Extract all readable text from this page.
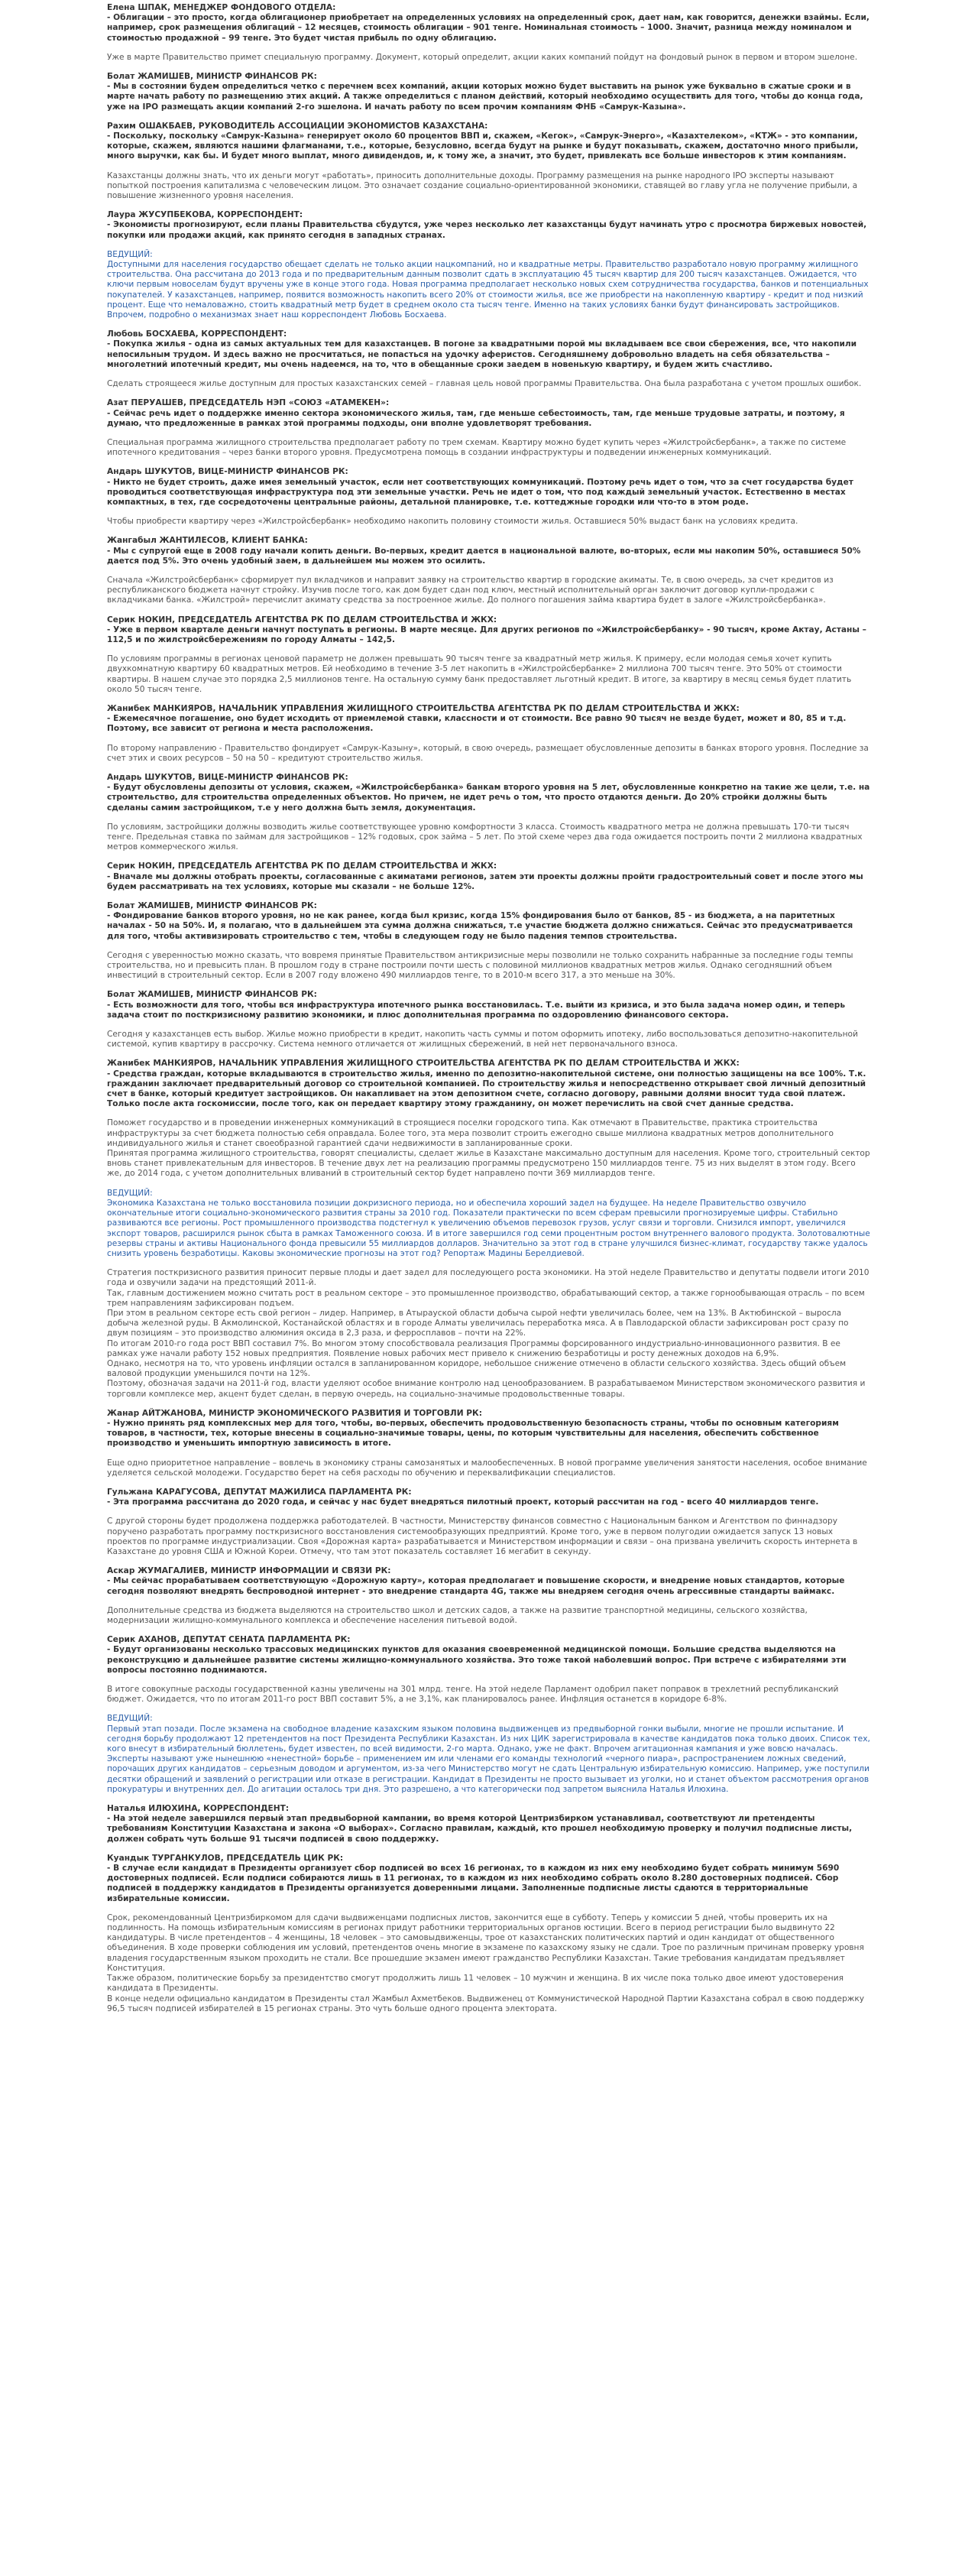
Елена ШПАК, МЕНЕДЖЕР ФОНДОВОГО ОТДЕЛА:

- Облигации – это просто, когда облигационер приобретает на определенных условиях на определенный срок, дает нам, как говорится, денежки взаймы. Если, например, срок размещения облигаций – 12 месяцев, стоимость облигации – 901 тенге. Номинальная стоимость – 1000. Значит, разница между номиналом и стоимостью продажной – 99 тенге. Это будет чистая прибыль по одну облигацию.

Уже в марте Правительство примет специальную программу. Документ, который определит, акции каких компаний пойдут на фондовый рынок в первом и втором эшелоне.

Болат ЖАМИШЕВ, МИНИСТР ФИНАНСОВ РК:

- Мы в состоянии будем определиться четко с перечнем всех компаний, акции которых можно будет выставить на рынок уже буквально в сжатые сроки и в марте начать работу по размещению этих акций. А также определиться с планом действий, который необходимо осуществить для того, чтобы до конца года, уже на IPO размещать акции компаний 2-го эшелона. И начать работу по всем прочим компаниям ФНБ «Самрук-Казына».

Рахим ОШАКБАЕВ, РУКОВОДИТЕЛЬ АССОЦИАЦИИ ЭКОНОМИСТОВ КАЗАХСТАНА:

- Поскольку, поскольку «Самрук-Казына» генерирует около 60 процентов ВВП и, скажем, «Кегок», «Самрук-Энерго», «Казахтелеком», «КТЖ» - это компании, которые, скажем, являются нашими флагманами, т.е., которые, безусловно, всегда будут на рынке и будут показывать, скажем, достаточно много прибыли, много выручки, как бы. И будет много выплат, много дивидендов, и, к тому же, а значит, это будет, привлекать все больше инвесторов к этим компаниям.

Казахстанцы должны знать, что их деньги могут «работать», приносить дополнительные доходы. Программу размещения на рынке народного IPO эксперты называют попыткой построения капитализма с человеческим лицом. Это означает создание социально-ориентированной экономики, ставящей во главу угла не получение прибыли, а повышение жизненного уровня населения.

Лаура ЖУСУПБЕКОВА, КОРРЕСПОНДЕНТ:

- Экономисты прогнозируют, если планы Правительства сбудутся, уже через несколько лет казахстанцы будут начинать утро с просмотра биржевых новостей, покупки или продажи акций, как принято сегодня в западных странах.

ВЕДУЩИЙ:

Доступными для населения государство обещает сделать не только акции нацкомпаний, но и квадратные метры. Правительство разработало новую программу жилищного строительства. Она рассчитана до 2013 года и по предварительным данным позволит сдать в эксплуатацию 45 тысяч квартир для 200 тысяч казахстанцев. Ожидается, что ключи первым новоселам будут вручены уже в конце этого года. Новая программа предполагает несколько новых схем сотрудничества государства, банков и потенциальных покупателей. У казахстанцев, например, появится возможность накопить всего 20% от стоимости жилья, все же приобрести на накопленную квартиру - кредит и под низкий процент. Еще что немаловажно, стоить квадратный метр будет в среднем около ста тысяч тенге. Именно на таких условиях банки будут финансировать застройщиков. Впрочем, подробно о механизмах знает наш корреспондент Любовь Босхаева.

Любовь БОСХАЕВА, КОРРЕСПОНДЕНТ:

- Покупка жилья - одна из самых актуальных тем для казахстанцев. В погоне за квадратными порой мы вкладываем все свои сбережения, все, что накопили непосильным трудом. И здесь важно не просчитаться, не попасться на удочку аферистов. Сегодняшнему добровольно владеть на себя обязательства – многолетний ипотечный кредит, мы очень надеемся, на то, что в обещанные сроки заедем в новенькую квартиру, и будем жить счастливо.

Сделать строящееся жилье доступным для простых казахстанских семей – главная цель новой программы Правительства. Она была разработана с учетом прошлых ошибок.

Азат ПЕРУАШЕВ, ПРЕДСЕДАТЕЛЬ НЭП «СОЮЗ «АТАМЕКЕН»:

- Сейчас речь идет о поддержке именно сектора экономического жилья, там, где меньше себестоимость, там, где меньше трудовые затраты, и поэтому, я думаю, что предложенные в рамках этой программы подходы, они вполне удовлетворят требования.

Специальная программа жилищного строительства предполагает работу по трем схемам. Квартиру можно будет купить через «Жилстройсбербанк», а также по системе ипотечного кредитования – через банки второго уровня. Предусмотрена помощь в создании инфраструктуры и подведении инженерных коммуникаций.

Андарь ШУКУТОВ, ВИЦЕ-МИНИСТР ФИНАНСОВ РК:

- Никто не будет строить, даже имея земельный участок, если нет соответствующих коммуникаций. Поэтому речь идет о том, что за счет государства будет проводиться соответствующая инфраструктура под эти земельные участки. Речь не идет о том, что под каждый земельный участок. Естественно в местах компактных, в тех, где сосредоточены центральные районы, детальной планировке, т.е. коттеджные городки или что-то в этом роде.

Чтобы приобрести квартиру через «Жилстройсбербанк» необходимо накопить половину стоимости жилья. Оставшиеся 50% выдаст банк на условиях кредита.

Жангабыл ЖАНТИЛЕСОВ, КЛИЕНТ БАНКА:

- Мы с супругой еще в 2008 году начали копить деньги. Во-первых, кредит дается в национальной валюте, во-вторых, если мы накопим 50%, оставшиеся 50% дается под 5%. Это очень удобный заем, в дальнейшем мы можем это осилить.

Сначала «Жилстройсбербанк» сформирует пул вкладчиков и направит заявку на строительство квартир в городские акиматы. Те, в свою очередь, за счет кредитов из республиканского бюджета начнут стройку. Изучив после того, как дом будет сдан под ключ, местный исполнительный орган заключит договор купли-продажи с вкладчиками банка. «Жилстрой» перечислит акимату средства за построенное жилье. До полного погашения займа квартира будет в залоге «Жилстройсбербанка».

Серик НОКИН, ПРЕДСЕДАТЕЛЬ АГЕНТСТВА РК ПО ДЕЛАМ СТРОИТЕЛЬСТВА И ЖКХ:

- Уже в первом квартале деньги начнут поступать в регионы. В марте месяце. Для других регионов по «Жилстройсбербанку» - 90 тысяч, кроме Актау, Астаны – 112,5 и по жилстройсбережениям по городу Алматы – 142,5.

По условиям программы в регионах ценовой параметр не должен превышать 90 тысяч тенге за квадратный метр жилья. К примеру, если молодая семья хочет купить двухкомнатную квартиру 60 квадратных метров. Ей необходимо в течение 3-5 лет накопить в «Жилстройсбербанке» 2 миллиона 700 тысяч тенге. Это 50% от стоимости квартиры. В нашем случае это порядка 2,5 миллионов тенге. На остальную сумму банк предоставляет льготный кредит. В итоге, за квартиру в месяц семья будет платить около 50 тысяч тенге.

Жанибек МАНКИЯРОВ, НАЧАЛЬНИК УПРАВЛЕНИЯ ЖИЛИЩНОГО СТРОИТЕЛЬСТВА АГЕНТСТВА РК ПО ДЕЛАМ СТРОИТЕЛЬСТВА И ЖКХ:

- Ежемесячное погашение, оно будет исходить от приемлемой ставки, классности и от стоимости. Все равно 90 тысяч не везде будет, может и 80, 85 и т.д. Поэтому, все зависит от региона и места расположения.

По второму направлению - Правительство фондирует «Самрук-Казыну», который, в свою очередь, размещает обусловленные депозиты в банках второго уровня. Последние за счет этих и своих ресурсов – 50 на 50 – кредитуют строительство жилья.

Андарь ШУКУТОВ, ВИЦЕ-МИНИСТР ФИНАНСОВ РК:

- Будут обусловлены депозиты от условия, скажем, «Жилстройсбербанка» банкам второго уровня на 5 лет, обусловленные конкретно на такие же цели, т.е. на строительство, для строительства определенных объектов. Но причем, не идет речь о том, что просто отдаются деньги. До 20% стройки должны быть сделаны самим застройщиком, т.е у него должна быть земля, документация.

По условиям, застройщики должны возводить жилье соответствующее уровню комфортности 3 класса. Стоимость квадратного метра не должна превышать 170-ти тысяч тенге. Предельная ставка по займам для застройщиков – 12% годовых, срок займа – 5 лет. По этой схеме через два года ожидается построить почти 2 миллиона квадратных метров коммерческого жилья.

Серик НОКИН, ПРЕДСЕДАТЕЛЬ АГЕНТСТВА РК ПО ДЕЛАМ СТРОИТЕЛЬСТВА И ЖКХ:

- Вначале мы должны отобрать проекты, согласованные с акиматами регионов, затем эти проекты должны пройти градостроительный совет и после этого мы будем рассматривать на тех условиях, которые мы сказали – не больше 12%.

Болат ЖАМИШЕВ, МИНИСТР ФИНАНСОВ РК:

- Фондирование банков второго уровня, но не как ранее, когда был кризис, когда 15% фондирования было от банков, 85 - из бюджета, а на паритетных началах - 50 на 50%. И, я полагаю, что в дальнейшем эта сумма должна снижаться, т.е участие бюджета должно снижаться. Сейчас это предусматривается для того, чтобы активизировать строительство с тем, чтобы в следующем году не было падения темпов строительства.

Сегодня с уверенностью можно сказать, что вовремя принятые Правительством антикризисные меры позволили не только сохранить набранные за последние годы темпы строительства, но и превысить план. В прошлом году в стране построили почти шесть с половиной миллионов квадратных метров жилья. Однако сегодняшний объем инвестиций в строительный сектор. Если в 2007 году вложено 490 миллиардов тенге, то в 2010-м всего 317, а это меньше на 30%.

Болат ЖАМИШЕВ, МИНИСТР ФИНАНСОВ РК:

- Есть возможности для того, чтобы вся инфраструктура ипотечного рынка восстановилась. Т.е. выйти из кризиса, и это была задача номер один, и теперь задача стоит по посткризисному развитию экономики, и плюс дополнительная программа по оздоровлению финансового сектора.

Сегодня у казахстанцев есть выбор. Жилье можно приобрести в кредит, накопить часть суммы и потом оформить ипотеку, либо воспользоваться депозитно-накопительной системой, купив квартиру в рассрочку. Система немного отличается от жилищных сбережений, в ней нет первоначального взноса.

Жанибек МАНКИЯРОВ, НАЧАЛЬНИК УПРАВЛЕНИЯ ЖИЛИЩНОГО СТРОИТЕЛЬСТВА АГЕНТСТВА РК ПО ДЕЛАМ СТРОИТЕЛЬСТВА И ЖКХ:

- Средства граждан, которые вкладываются в строительство жилья, именно по депозитно-накопительной системе, они полностью защищены на все 100%. Т.к. гражданин заключает предварительный договор со строительной компанией. По строительству жилья и непосредственно открывает свой личный депозитный счет в банке, который кредитует застройщиков. Он накапливает на этом депозитном счете, согласно договору, равными долями вносит туда свой платеж. Только после акта госкомиссии, после того, как он передает квартиру этому гражданину, он может перечислить на свой счет данные средства.

Поможет государство и в проведении инженерных коммуникаций в строящиеся поселки городского типа. Как отмечают в Правительстве, практика строительства инфраструктуры за счет бюджета полностью себя оправдала. Более того, эта мера позволит строить ежегодно свыше миллиона квадратных метров дополнительного индивидуального жилья и станет своеобразной гарантией сдачи недвижимости в запланированные сроки.
Принятая программа жилищного строительства, говорят специалисты, сделает жилье в Казахстане максимально доступным для населения. Кроме того, строительный сектор вновь станет привлекательным для инвесторов. В течение двух лет на реализацию программы предусмотрено 150 миллиардов тенге. 75 из них выделят в этом году. Всего же, до 2014 года, с учетом дополнительных вливаний в строительный сектор будет направлено почти 369 миллиардов тенге.

ВЕДУЩИЙ:

Экономика Казахстана не только восстановила позиции докризисного периода, но и обеспечила хороший задел на будущее. На неделе Правительство озвучило окончательные итоги социально-экономического развития страны за 2010 год. Показатели практически по всем сферам превысили прогнозируемые цифры. Стабильно развиваются все регионы. Рост промышленного производства подстегнул к увеличению объемов перевозок грузов, услуг связи и торговли. Снизился импорт, увеличился экспорт товаров, расширился рынок сбыта в рамках Таможенного союза. И в итоге завершился год семи процентным ростом внутреннего валового продукта. Золотовалютные резервы страны и активы Национального фонда превысили 55 миллиардов долларов. Значительно за этот год в стране улучшился бизнес-климат, государству также удалось снизить уровень безработицы. Каковы экономические прогнозы на этот год? Репортаж Мадины Берелдиевой.

Стратегия посткризисного развития приносит первые плоды и дает задел для последующего роста экономики. На этой неделе Правительство и депутаты подвели итоги 2010 года и озвучили задачи на предстоящий 2011-й.
Так, главным достижением можно считать рост в реальном секторе – это промышленное производство, обрабатывающий сектор, а также горнообывающая отрасль – по всем трем направлениям зафиксирован подъем.
При этом в реальном секторе есть свой регион – лидер. Например, в Атырауской области добыча сырой нефти увеличилась более, чем на 13%. В Актюбинской – выросла добыча железной руды. В Акмолинской, Костанайской областях и в городе Алматы увеличилась переработка мяса. А в Павлодарской области зафиксирован рост сразу по двум позициям – это производство алюминия оксида в 2,3 раза, и ферросплавов – почти на 22%.
По итогам 2010-го года рост ВВП составил 7%. Во многом этому способствовала реализация Программы форсированного индустриально-инновационного развития. В ее рамках уже начали работу 152 новых предприятия. Появление новых рабочих мест привело к снижению безработицы и росту денежных доходов на 6,9%.
Однако, несмотря на то, что уровень инфляции остался в запланированном коридоре, небольшое снижение отмечено в области сельского хозяйства. Здесь общий объем валовой продукции уменьшился почти на 12%.
Поэтому, обозначая задачи на 2011-й год, власти уделяют особое внимание контролю над ценообразованием. В разрабатываемом Министерством экономического развития и торговли комплексе мер, акцент будет сделан, в первую очередь, на социально-значимые продовольственные товары.

Жанар АЙТЖАНОВА, МИНИСТР ЭКОНОМИЧЕСКОГО РАЗВИТИЯ И ТОРГОВЛИ РК:

- Нужно принять ряд комплексных мер для того, чтобы, во-первых, обеспечить продовольственную безопасность страны, чтобы по основным категориям товаров, в частности, тех, которые внесены в социально-значимые товары, цены, по которым чувствительны для населения, обеспечить собственное производство и уменьшить импортную зависимость в итоге.

Еще одно приоритетное направление – вовлечь в экономику страны самозанятых и малообеспеченных. В новой программе увеличения занятости населения, особое внимание уделяется сельской молодежи. Государство берет на себя расходы по обучению и переквалификации специалистов.

Гульжана КАРАГУСОВА, ДЕПУТАТ МАЖИЛИСА ПАРЛАМЕНТА РК:

- Эта программа рассчитана до 2020 года, и сейчас у нас будет внедряться пилотный проект, который рассчитан на год - всего 40 миллиардов тенге.

С другой стороны будет продолжена поддержка работодателей. В частности, Министерству финансов совместно с Национальным банком и Агентством по финнадзору поручено разработать программу посткризисного восстановления системообразующих предприятий. Кроме того, уже в первом полугодии ожидается запуск 13 новых проектов по программе индустриализации. Своя «Дорожная карта» разрабатывается и Министерством информации и связи – она призвана увеличить скорость интернета в Казахстане до уровня США и Южной Кореи. Отмечу, что там этот показатель составляет 16 мегабит в секунду.

Аскар ЖУМАГАЛИЕВ, МИНИСТР ИНФОРМАЦИИ И СВЯЗИ РК:

- Мы сейчас прорабатываем соответствующую «Дорожную карту», которая предполагает и повышение скорости, и внедрение новых стандартов, которые сегодня позволяют внедрять беспроводной интернет - это внедрение стандарта 4G, также мы внедряем сегодня очень агрессивные стандарты ваймакс.

Дополнительные средства из бюджета выделяются на строительство школ и детских садов, а также на развитие транспортной медицины, сельского хозяйства, модернизации жилищно-коммунального комплекса и обеспечение населения питьевой водой.

Серик АХАНОВ, ДЕПУТАТ СЕНАТА ПАРЛАМЕНТА РК:

- Будут организованы несколько трассовых медицинских пунктов для оказания своевременной медицинской помощи. Большие средства выделяются на реконструкцию и дальнейшее развитие системы жилищно-коммунального хозяйства. Это тоже такой наболевший вопрос. При встрече с избирателями эти вопросы постоянно поднимаются.

В итоге совокупные расходы государственной казны увеличены на 301 млрд. тенге. На этой неделе Парламент одобрил пакет поправок в трехлетний республиканский бюджет. Ожидается, что по итогам 2011-го рост ВВП составит 5%, а не 3,1%, как планировалось ранее. Инфляция останется в коридоре 6-8%.

ВЕДУЩИЙ:

Первый этап позади. После экзамена на свободное владение казахским языком половина выдвиженцев из предвыборной гонки выбыли, многие не прошли испытание. И сегодня борьбу продолжают 12 претендентов на пост Президента Республики Казахстан. Из них ЦИК зарегистрировала в качестве кандидатов пока только двоих. Список тех, кого внесут в избирательный бюллетень, будет известен, по всей видимости, 2-го марта. Однако, уже не факт. Впрочем агитационная кампания и уже вовсю началась. Эксперты называют уже нынешнюю «ненестной» борьбе – применением им или членами его команды технологий «черного пиара», распространением ложных сведений, порочащих других кандидатов – серьезным доводом и аргументом, из-за чего Министерство могут не сдать Центральную избирательную комиссию. Например, уже поступили десятки обращений и заявлений о регистрации или отказе в регистрации. Кандидат в Президенты не просто вызывает из уголки, но и станет объектом рассмотрения органов прокуратуры и внутренних дел. До агитации осталось три дня. Это разрешено, а что категорически под запретом выяснила Наталья Илюхина.

Наталья ИЛЮХИНА, КОРРЕСПОНДЕНТ:

- На этой неделе завершился первый этап предвыборной кампании, во время которой Центризбирком устанавливал, соответствуют ли претенденты требованиям Конституции Казахстана и закона «О выборах». Согласно правилам, каждый, кто прошел необходимую проверку и получил подписные листы, должен собрать чуть больше 91 тысячи подписей в свою поддержку.

Куандык ТУРГАНКУЛОВ, ПРЕДСЕДАТЕЛЬ ЦИК РК:

- В случае если кандидат в Президенты организует сбор подписей во всех 16 регионах, то в каждом из них ему необходимо будет собрать минимум 5690 достоверных подписей. Если подписи собираются лишь в 11 регионах, то в каждом из них необходимо собрать около 8.280 достоверных подписей. Сбор подписей в поддержку кандидатов в Президенты организуется доверенными лицами. Заполненные подписные листы сдаются в территориальные избирательные комиссии.

Срок, рекомендованный Центризбиркомом для сдачи выдвиженцами подписных листов, закончится еще в субботу. Теперь у комиссии 5 дней, чтобы проверить их на подлинность. На помощь избирательным комиссиям в регионах придут работники территориальных органов юстиции. Всего в период регистрации было выдвинуто 22 кандидатуры. В числе претендентов – 4 женщины, 18 человек – это самовыдвиженцы, трое от казахстанских политических партий и один кандидат от общественного объединения. В ходе проверки соблюдения им условий, претендентов очень многие в экзамене по казахскому языку не сдали. Трое по различным причинам проверку уровня владения государственным языком проходить не стали. Все прошедшие экзамен имеют гражданство Республики Казахстан. Такие требования кандидатам предъявляет Конституция.
Также образом, политические борьбу за президентство смогут продолжить лишь 11 человек – 10 мужчин и женщина. В их числе пока только двое имеют удостоверения кандидата в Президенты.
В конце недели официально кандидатом в Президенты стал Жамбыл Ахметбеков. Выдвиженец от Коммунистической Народной Партии Казахстана собрал в свою поддержку 96,5 тысяч подписей избирателей в 15 регионах страны. Это чуть больше одного процента электората.
